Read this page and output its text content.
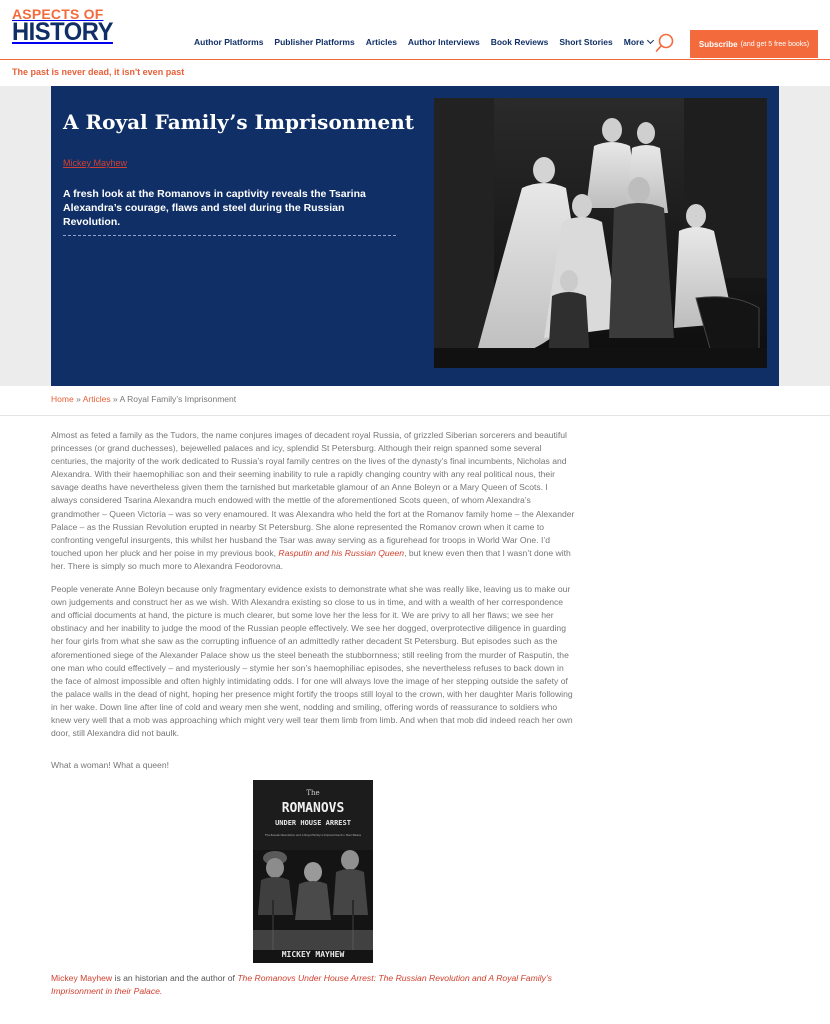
ASPECTS OF
HISTORY	Author Platforms Publisher Platforms Articles Author Interviews Book Reviews Short Stories More	Subscribe (and get 5 free books)
The past is never dead, it isn't even past
A Royal Family’s Imprisonment
Mickey Mayhew
A fresh look at the Romanovs in captivity reveals the Tsarina Alexandra’s courage, flaws and steel during the Russian Revolution.
Home » Articles » A Royal Family’s Imprisonment

Almost as feted a family as the Tudors, the name conjures images of decadent royal Russia, of grizzled Siberian sorcerers and beautiful princesses (or grand duchesses), bejewelled palaces and icy, splendid St Petersburg. Although their reign spanned some several centuries, the majority of the work dedicated to Russia’s royal family centres on the lives of the dynasty’s final incumbents, Nicholas and Alexandra. With their haemophiliac son and their seeming inability to rule a rapidly changing country with any real political nous, their savage deaths have nevertheless given them the tarnished but marketable glamour of an Anne Boleyn or a Mary Queen of Scots. I always considered Tsarina Alexandra much endowed with the mettle of the aforementioned Scots queen, of whom Alexandra’s grandmother – Queen Victoria – was so very enamoured. It was Alexandra who held the fort at the Romanov family home – the Alexander Palace – as the Russian Revolution erupted in nearby St Petersburg. She alone represented the Romanov crown when it came to confronting vengeful insurgents, this whilst her husband the Tsar was away serving as a figurehead for troops in World War One. I’d touched upon her pluck and her poise in my previous book, Rasputin and his Russian Queen, but knew even then that I wasn’t done with her. There is simply so much more to Alexandra Feodorovna.

People venerate Anne Boleyn because only fragmentary evidence exists to demonstrate what she was really like, leaving us to make our own judgements and construct her as we wish. With Alexandra existing so close to us in time, and with a wealth of her correspondence and official documents at hand, the picture is much clearer, but some love her the less for it. We are privy to all her flaws; we see her obstinacy and her inability to judge the mood of the Russian people effectively. We see her dogged, overprotective diligence in guarding her four girls from what she saw as the corrupting influence of an admittedly rather decadent St Petersburg. But episodes such as the aforementioned siege of the Alexander Palace show us the steel beneath the stubbornness; still reeling from the murder of Rasputin, the one man who could effectively – and mysteriously – stymie her son’s haemophiliac episodes, she nevertheless refuses to back down in the face of almost impossible and often highly intimidating odds. I for one will always love the image of her stepping outside the safety of the palace walls in the dead of night, hoping her presence might fortify the troops still loyal to the crown, with her daughter Maris following in her wake. Down line after line of cold and weary men she went, nodding and smiling, offering words of reassurance to soldiers who knew very well that a mob was approaching which might very well tear them limb from limb. And when that mob did indeed reach her own door, still Alexandra did not baulk.

What a woman! What a queen!
The
ROMANOVS
UNDER HOUSE ARREST
The Russian Revolution and A Royal Family’s Imprisonment in their Palace
MICKEY MAYHEW
Mickey Mayhew is an historian and the author of The Romanovs Under House Arrest: The Russian Revolution and A Royal Family’s Imprisonment in their Palace.
